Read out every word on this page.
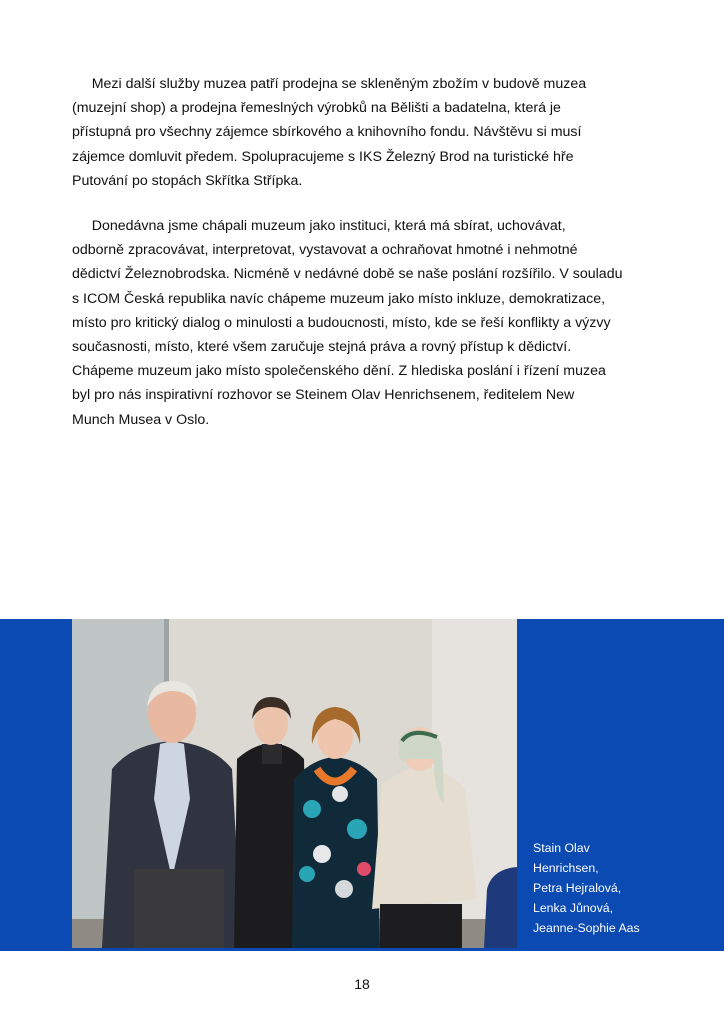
Mezi další služby muzea patří prodejna se skleněným zbožím v budově muzea
(muzejní shop) a prodejna řemeslných výrobků na Bělišti a badatelna, která je
přístupná pro všechny zájemce sbírkového a knihovního fondu. Návštěvu si musí
zájemce domluvit předem. Spolupracujeme s IKS Železný Brod na turistické hře
Putování po stopách Skřítka Střípka.

Donedávna jsme chápali muzeum jako instituci, která má sbírat, uchovávat,
odborně zpracovávat, interpretovat, vystavovat a ochraňovat hmotné i nehmotné
dědictví Železnobrodska. Nicméně v nedávné době se naše poslání rozšířilo. V souladu
s ICOM Česká republika navíc chápeme muzeum jako místo inkluze, demokratizace,
místo pro kritický dialog o minulosti a budoucnosti, místo, kde se řeší konflikty a výzvy
současnosti, místo, které všem zaručuje stejná práva a rovný přístup k dědictví.
Chápeme muzeum jako místo společenského dění. Z hlediska poslání i řízení muzea
byl pro nás inspirativní rozhovor se Steinem Olav Henrichsenem, ředitelem New
Munch Musea v Oslo.

Stain Olav
Henrichsen,
Petra Hejralová,
Lenka Jůnová,
Jeanne-Sophie Aas
18
